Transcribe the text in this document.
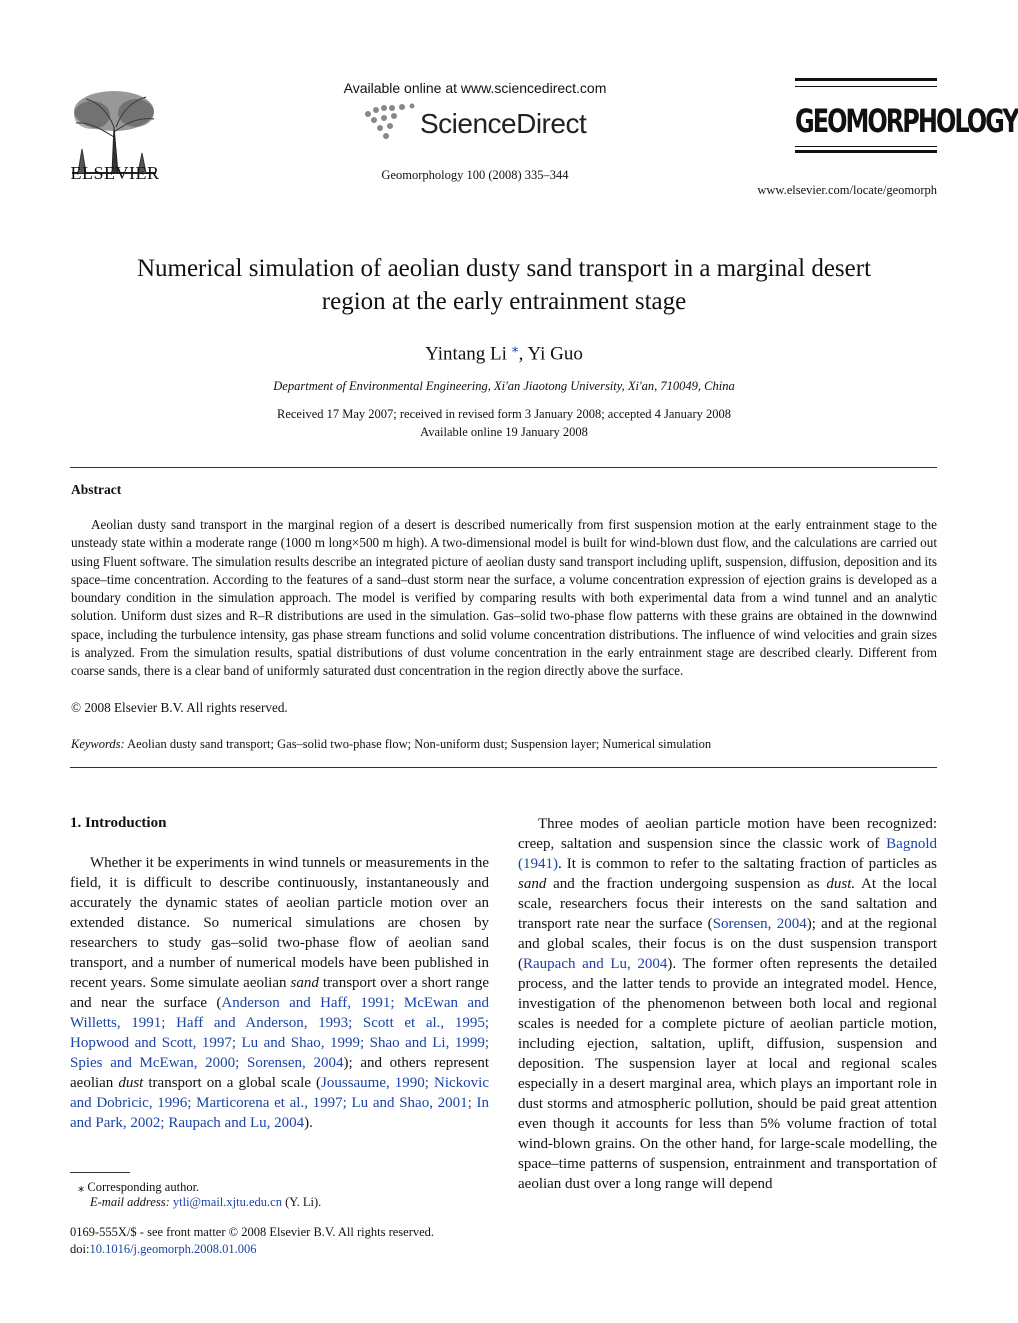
ELSEVIER
Available online at www.sciencedirect.com
ScienceDirect
Geomorphology 100 (2008) 335–344
GEOMORPHOLOGY
www.elsevier.com/locate/geomorph
Numerical simulation of aeolian dusty sand transport in a marginal desert
region at the early entrainment stage
Yintang Li ⁎, Yi Guo
Department of Environmental Engineering, Xi'an Jiaotong University, Xi'an, 710049, China
Received 17 May 2007; received in revised form 3 January 2008; accepted 4 January 2008
Available online 19 January 2008
Abstract
Aeolian dusty sand transport in the marginal region of a desert is described numerically from first suspension motion at the early entrainment stage to the unsteady state within a moderate range (1000 m long×500 m high). A two-dimensional model is built for wind-blown dust flow, and the calculations are carried out using Fluent software. The simulation results describe an integrated picture of aeolian dusty sand transport including uplift, suspension, diffusion, deposition and its space–time concentration. According to the features of a sand–dust storm near the surface, a volume concentration expression of ejection grains is developed as a boundary condition in the simulation approach. The model is verified by comparing results with both experimental data from a wind tunnel and an analytic solution. Uniform dust sizes and R–R distributions are used in the simulation. Gas–solid two-phase flow patterns with these grains are obtained in the downwind space, including the turbulence intensity, gas phase stream functions and solid volume concentration distributions. The influence of wind velocities and grain sizes is analyzed. From the simulation results, spatial distributions of dust volume concentration in the early entrainment stage are described clearly. Different from coarse sands, there is a clear band of uniformly saturated dust concentration in the region directly above the surface.
© 2008 Elsevier B.V. All rights reserved.
Keywords: Aeolian dusty sand transport; Gas–solid two-phase flow; Non-uniform dust; Suspension layer; Numerical simulation
1. Introduction
Whether it be experiments in wind tunnels or measurements in the field, it is difficult to describe continuously, instantaneously and accurately the dynamic states of aeolian particle motion over an extended distance. So numerical simulations are chosen by researchers to study gas–solid two-phase flow of aeolian sand transport, and a number of numerical models have been published in recent years. Some simulate aeolian sand transport over a short range and near the surface (Anderson and Haff, 1991; McEwan and Willetts, 1991; Haff and Anderson, 1993; Scott et al., 1995; Hopwood and Scott, 1997; Lu and Shao, 1999; Shao and Li, 1999; Spies and McEwan, 2000; Sorensen, 2004); and others represent aeolian dust transport on a global scale (Joussaume, 1990; Nickovic and Dobricic, 1996; Marticorena et al., 1997; Lu and Shao, 2001; In and Park, 2002; Raupach and Lu, 2004).
Three modes of aeolian particle motion have been recognized: creep, saltation and suspension since the classic work of Bagnold (1941). It is common to refer to the saltating fraction of particles as sand and the fraction undergoing suspension as dust. At the local scale, researchers focus their interests on the sand saltation and transport rate near the surface (Sorensen, 2004); and at the regional and global scales, their focus is on the dust suspension transport (Raupach and Lu, 2004). The former often represents the detailed process, and the latter tends to provide an integrated model. Hence, investigation of the phenomenon between both local and regional scales is needed for a complete picture of aeolian particle motion, including ejection, saltation, uplift, diffusion, suspension and deposition. The suspension layer at local and regional scales especially in a desert marginal area, which plays an important role in dust storms and atmospheric pollution, should be paid great attention even though it accounts for less than 5% volume fraction of total wind-blown grains. On the other hand, for large-scale modelling, the space–time patterns of suspension, entrainment and transportation of aeolian dust over a long range will depend
⁎ Corresponding author.
E-mail address: ytli@mail.xjtu.edu.cn (Y. Li).
0169-555X/$ - see front matter © 2008 Elsevier B.V. All rights reserved.
doi:10.1016/j.geomorph.2008.01.006
